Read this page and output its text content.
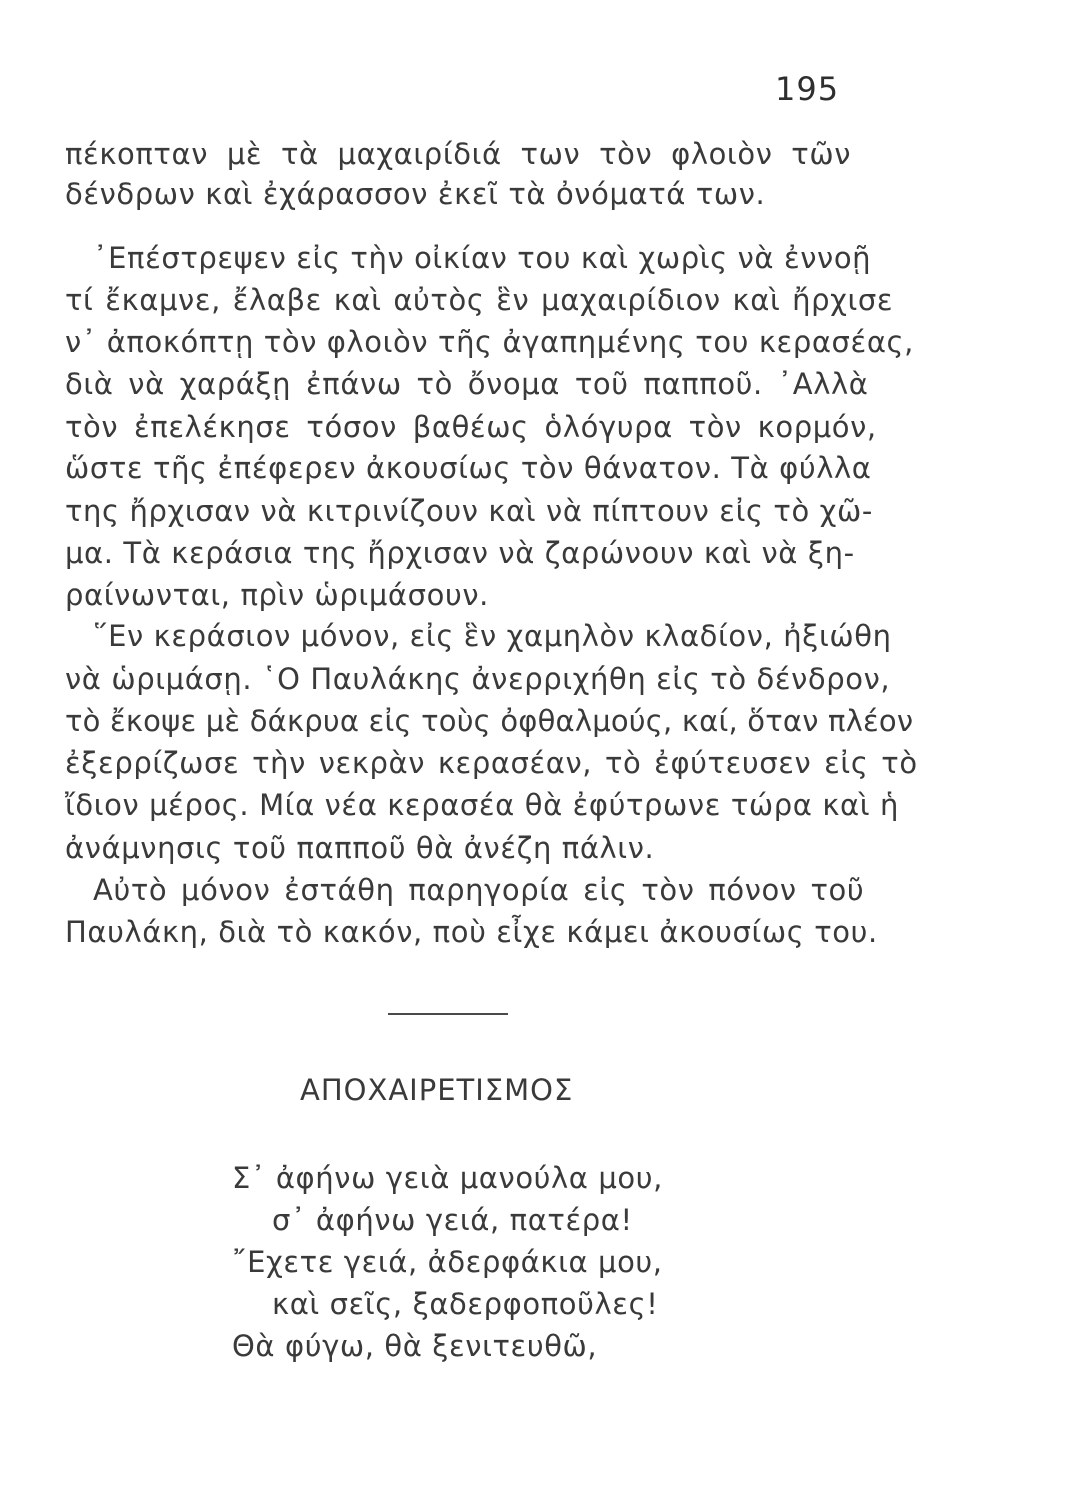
195
πέκοπταν μὲ τὰ μαχαιρίδιά των τὸν φλοιὸν τῶν
δένδρων καὶ ἐχάρασσον ἐκεῖ τὰ ὀνόματά των.
᾿Επέστρεψεν εἰς τὴν οἰκίαν του καὶ χωρὶς νὰ ἐννοῇ
τί ἔκαμνε, ἔλαβε καὶ αὐτὸς ἓν μαχαιρίδιον καὶ ἤρχισε
ν᾿ ἀποκόπτῃ τὸν φλοιὸν τῆς ἀγαπημένης του κερασέας,
διὰ νὰ χαράξῃ ἐπάνω τὸ ὄνομα τοῦ παπποῦ. ᾿Αλλὰ
τὸν ἐπελέκησε τόσον βαθέως ὁλόγυρα τὸν κορμόν,
ὥστε τῆς ἐπέφερεν ἀκουσίως τὸν θάνατον. Τὰ φύλλα
της ἤρχισαν νὰ κιτρινίζουν καὶ νὰ πίπτουν εἰς τὸ χῶ-
μα. Τὰ κεράσια της ἤρχισαν νὰ ζαρώνουν καὶ νὰ ξη-
ραίνωνται, πρὶν ὡριμάσουν.
῞Εν κεράσιον μόνον, εἰς ἓν χαμηλὸν κλαδίον, ἠξιώθη
νὰ ὡριμάσῃ. ῾Ο Παυλάκης ἀνερριχήθη εἰς τὸ δένδρον,
τὸ ἔκοψε μὲ δάκρυα εἰς τοὺς ὀφθαλμούς, καί, ὅταν πλέον
ἐξερρίζωσε τὴν νεκρὰν κερασέαν, τὸ ἐφύτευσεν εἰς τὸ
ἴδιον μέρος. Μία νέα κερασέα θὰ ἐφύτρωνε τώρα καὶ ἡ
ἀνάμνησις τοῦ παπποῦ θὰ ἀνέζη πάλιν.
Αὐτὸ μόνον ἐστάθη παρηγορία εἰς τὸν πόνον τοῦ
Παυλάκη, διὰ τὸ κακόν, ποὺ εἶχε κάμει ἀκουσίως του.
ΑΠΟΧΑΙΡΕΤΙΣΜΟΣ
Σ᾿ ἀφήνω γειὰ μανούλα μου,
σ᾿ ἀφήνω γειά, πατέρα!
῎Εχετε γειά, ἀδερφάκια μου,
καὶ σεῖς, ξαδερφοποῦλες!
Θὰ φύγω, θὰ ξενιτευθῶ,
